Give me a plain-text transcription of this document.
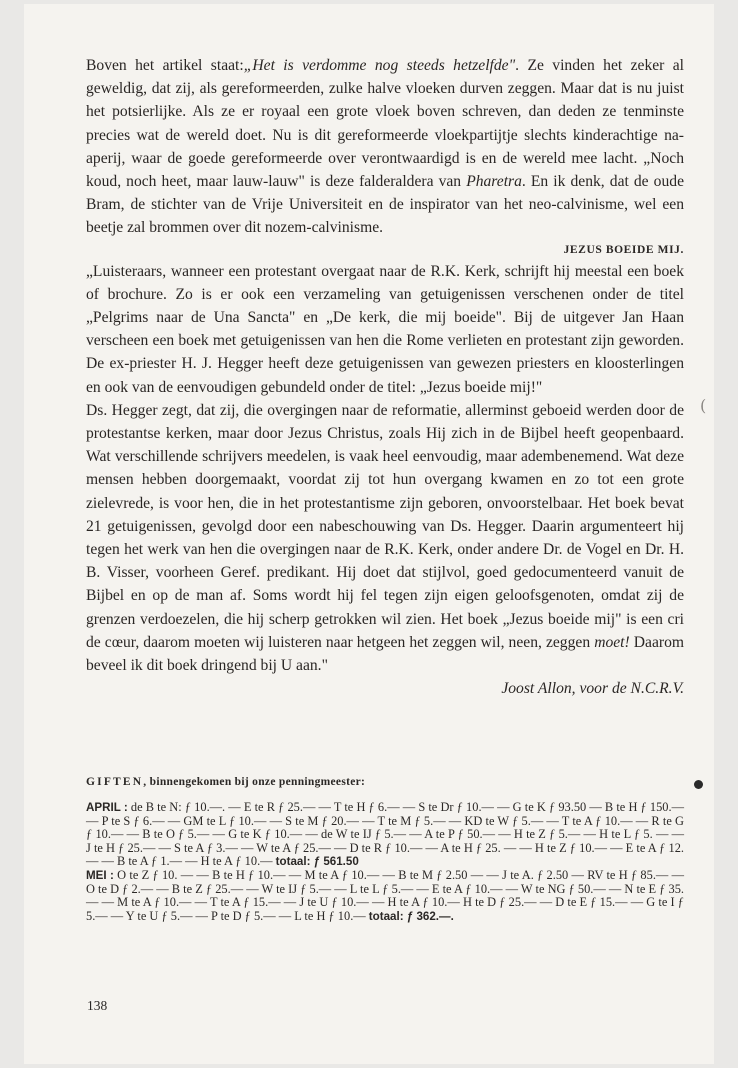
Boven het artikel staat:„Het is verdomme nog steeds hetzelfde". Ze vinden het zeker al geweldig, dat zij, als gereformeerden, zulke halve vloeken durven zeggen. Maar dat is nu juist het potsierlijke. Als ze er royaal een grote vloek boven schreven, dan deden ze tenminste precies wat de wereld doet. Nu is dit gereformeerde vloekpartijtje slechts kinderachtige na-aperij, waar de goede gereformeerde over verontwaardigd is en de wereld mee lacht. „Noch koud, noch heet, maar lauw-lauw" is deze falderaldera van Pharetra. En ik denk, dat de oude Bram, de stichter van de Vrije Universiteit en de inspirator van het neo-calvinisme, wel een beetje zal brommen over dit nozem-calvinisme.

JEZUS BOEIDE MIJ.

„Luisteraars, wanneer een protestant overgaat naar de R.K. Kerk, schrijft hij meestal een boek of brochure. Zo is er ook een verzameling van getuigenissen verschenen onder de titel „Pelgrims naar de Una Sancta" en „De kerk, die mij boeide". Bij de uitgever Jan Haan verscheen een boek met getuigenissen van hen die Rome verlieten en protestant zijn geworden. De ex-priester H. J. Hegger heeft deze getuigenissen van gewezen priesters en kloosterlingen en ook van de eenvoudigen gebundeld onder de titel: „Jezus boeide mij!"

Ds. Hegger zegt, dat zij, die overgingen naar de reformatie, allerminst geboeid werden door de protestantse kerken, maar door Jezus Christus, zoals Hij zich in de Bijbel heeft geopenbaard. Wat verschillende schrijvers meedelen, is vaak heel eenvoudig, maar adembenemend. Wat deze mensen hebben doorgemaakt, voordat zij tot hun overgang kwamen en zo tot een grote zielevrede, is voor hen, die in het protestantisme zijn geboren, onvoorstelbaar. Het boek bevat 21 getuigenissen, gevolgd door een nabeschouwing van Ds. Hegger. Daarin argumenteert hij tegen het werk van hen die overgingen naar de R.K. Kerk, onder andere Dr. de Vogel en Dr. H. B. Visser, voorheen Geref. predikant. Hij doet dat stijlvol, goed gedocumenteerd vanuit de Bijbel en op de man af. Soms wordt hij fel tegen zijn eigen geloofsgenoten, omdat zij de grenzen verdoezelen, die hij scherp getrokken wil zien. Het boek „Jezus boeide mij" is een cri de cœur, daarom moeten wij luisteren naar hetgeen het zeggen wil, neen, zeggen moet! Daarom beveel ik dit boek dringend bij U aan."

Joost Allon, voor de N.C.R.V.

GIFTEN, binnengekomen bij onze penningmeester:

APRIL : de B te N: ƒ 10.—. — E te R ƒ 25.— — T te H ƒ 6.— — S te Dr ƒ 10.— — G te K ƒ 93.50 — B te H ƒ 150.— — P te S ƒ 6.— — GM te L ƒ 10.— — S te M ƒ 20.— — T te M ƒ 5.— — KD te W ƒ 5.— — T te A ƒ 10.— — R te G ƒ 10.— — B te O ƒ 5.— — G te K ƒ 10.— — de W te IJ ƒ 5.— — A te P ƒ 50.— — H te Z ƒ 5.— — H te L ƒ 5. — — J te H ƒ 25.— — S te A ƒ 3.— — W te A ƒ 25.— — D te R ƒ 10.— — A te H ƒ 25. — — H te Z ƒ 10.— — E te A ƒ 12.— — B te A ƒ 1.— — H te A ƒ 10.— totaal: ƒ 561.50
MEI : O te Z ƒ 10. — — B te H ƒ 10.— — M te A ƒ 10.— — B te M ƒ 2.50 — — J te A. ƒ 2.50 — RV te H ƒ 85.— — O te D ƒ 2.— — B te Z ƒ 25.— — W te IJ ƒ 5.— — L te L ƒ 5.— — E te A ƒ 10.— — W te NG ƒ 50.— — N te E ƒ 35.— — M te A ƒ 10.— — T te A ƒ 15.— — J te U ƒ 10.— — H te A ƒ 10.— H te D ƒ 25.— — D te E ƒ 15.— — G te I ƒ 5.— — Y te U ƒ 5.— — P te D ƒ 5.— — L te H ƒ 10.— totaal: ƒ 362.—.

138
(
